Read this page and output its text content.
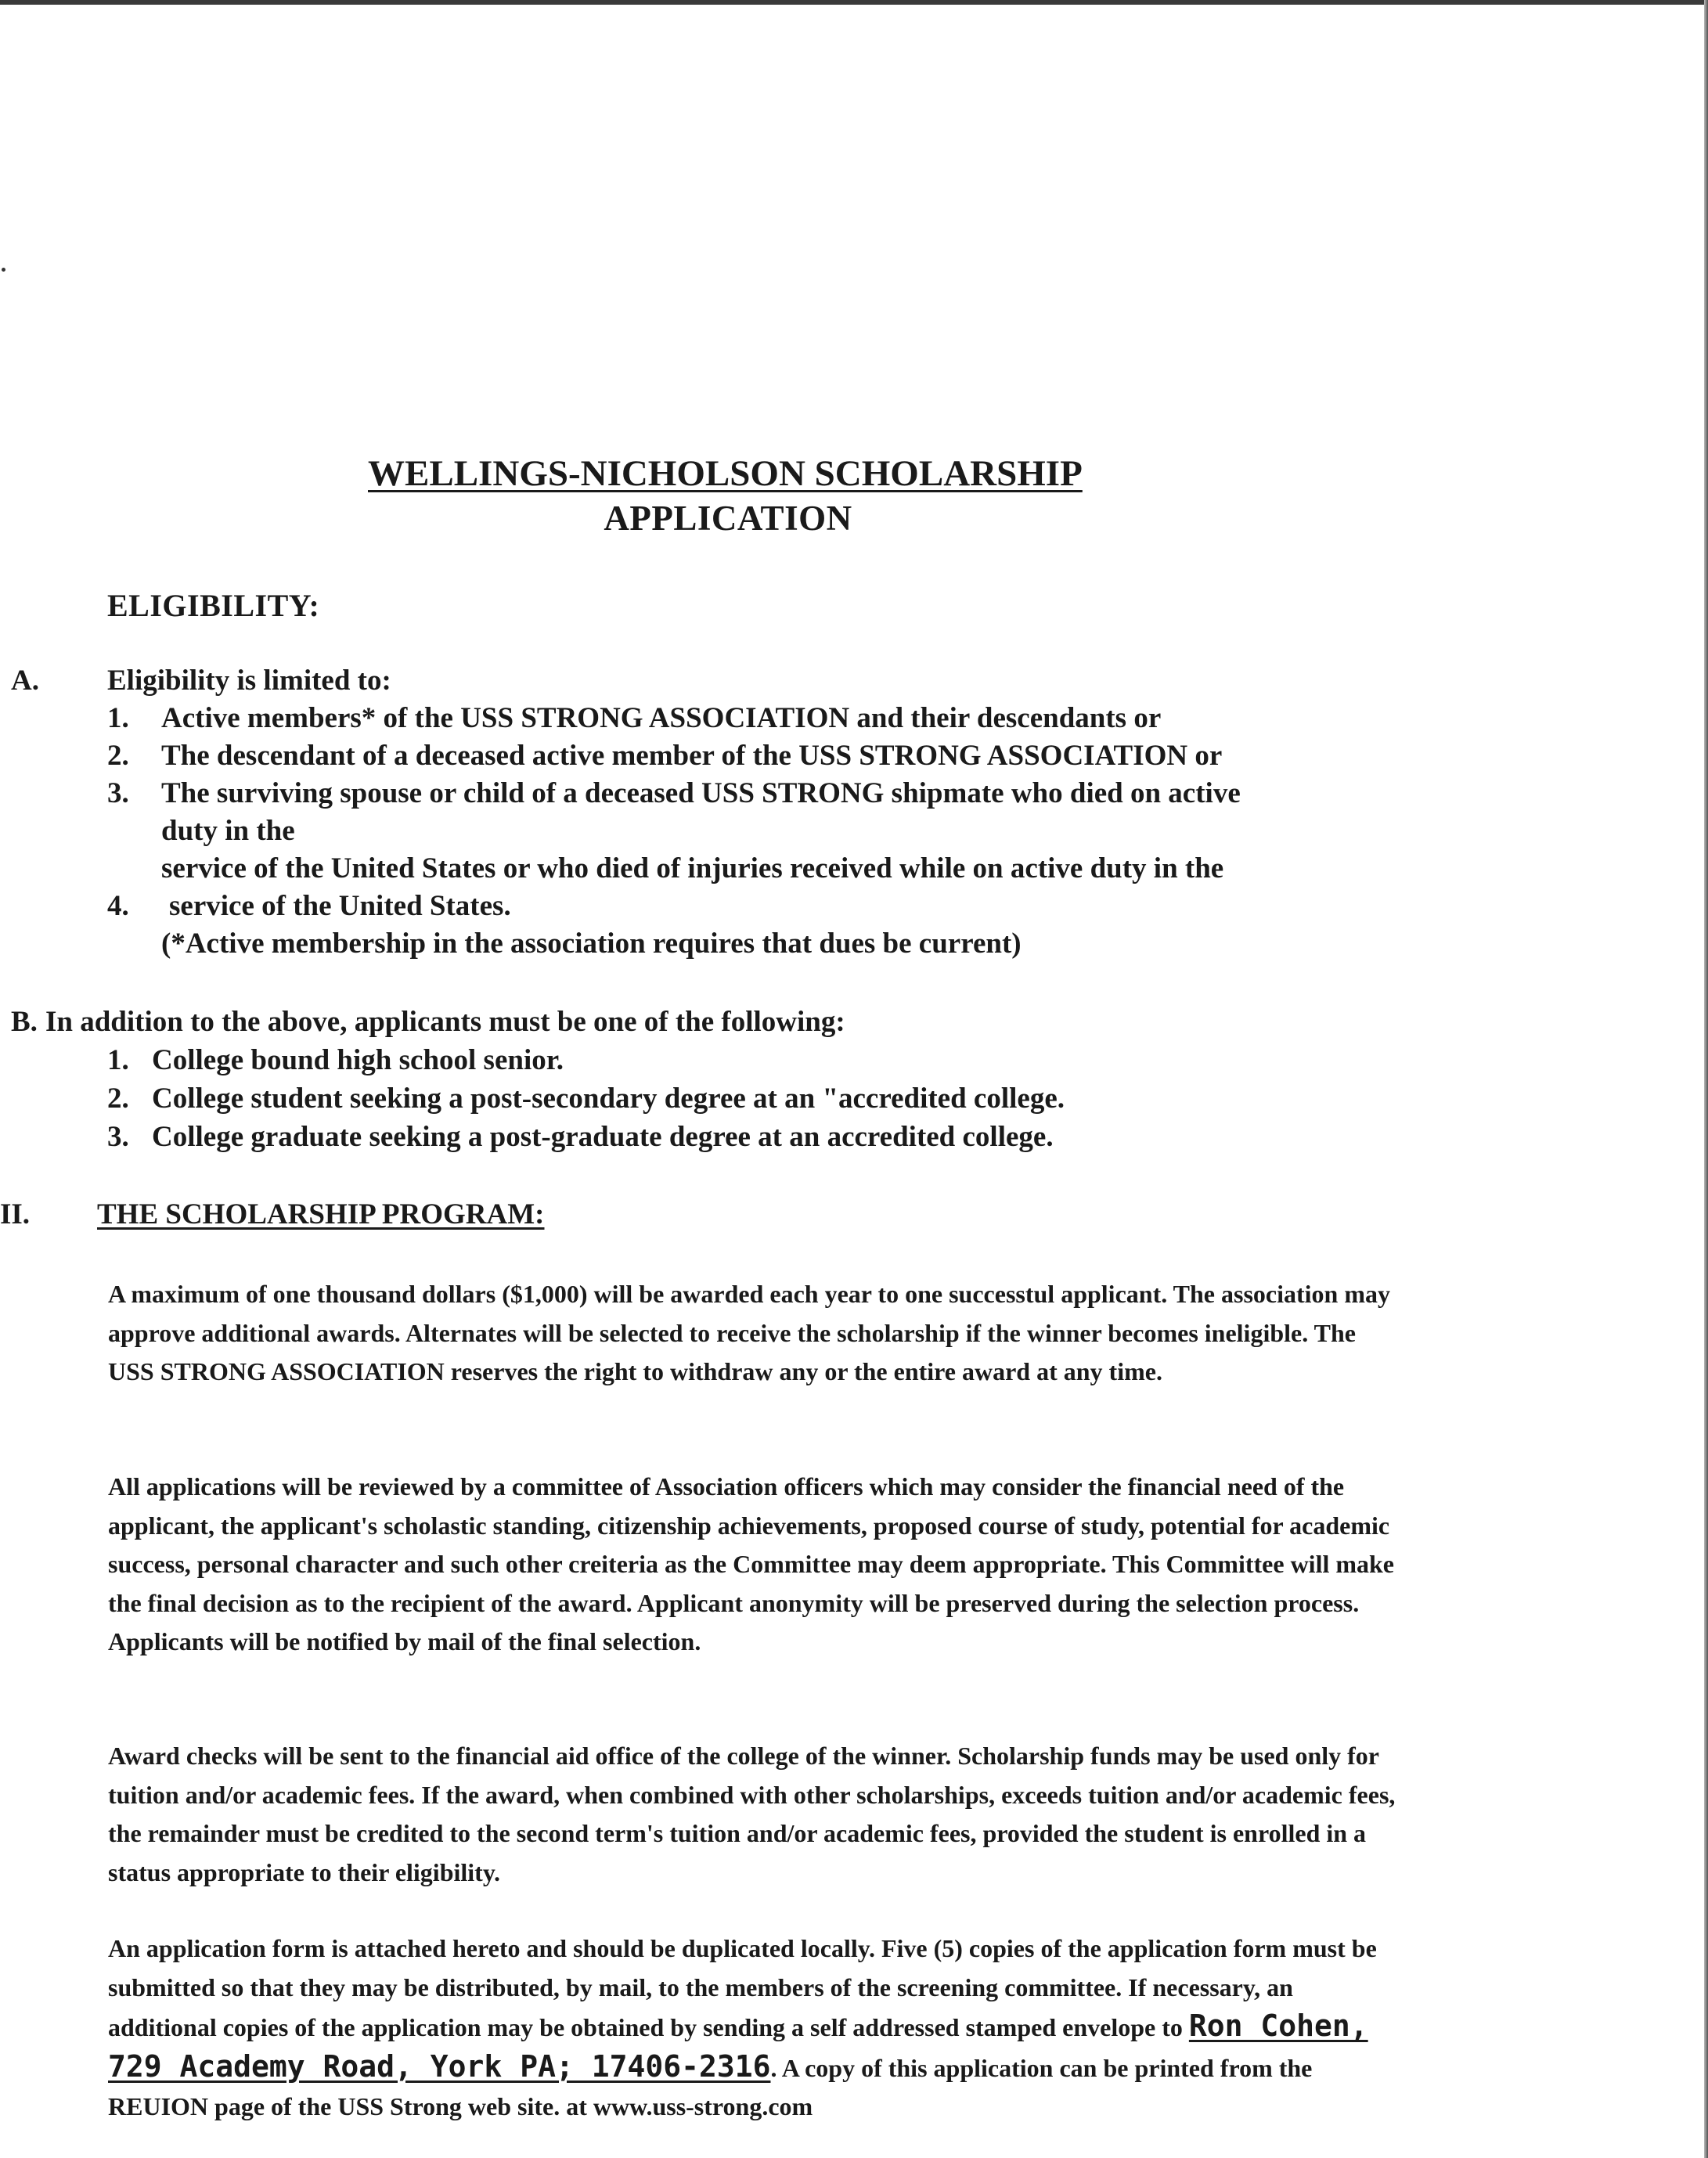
WELLINGS-NICHOLSON SCHOLARSHIP
APPLICATION
ELIGIBILITY:
A. Eligibility is limited to:
1. Active members* of the USS STRONG ASSOCIATION and their descendants or
2. The descendant of a deceased active member of the USS STRONG ASSOCIATION or
3. The surviving spouse or child of a deceased USS STRONG shipmate who died on active
duty in the
service of the United States or who died of injuries received while on active duty in the
4. service of the United States.
(*Active membership in the association requires that dues be current)
B. In addition to the above, applicants must be one of the following:
1. College bound high school senior.
2. College student seeking a post-secondary degree at an "accredited college.
3. College graduate seeking a post-graduate degree at an accredited college.
II. THE SCHOLARSHIP PROGRAM:
A maximum of one thousand dollars ($1,000) will be awarded each year to one successtul applicant. The association may approve additional awards. Alternates will be selected to receive the scholarship if the winner becomes ineligible. The USS STRONG ASSOCIATION reserves the right to withdraw any or the entire award at any time.
All applications will be reviewed by a committee of Association officers which may consider the financial need of the applicant, the applicant's scholastic standing, citizenship achievements, proposed course of study, potential for academic success, personal character and such other creiteria as the Committee may deem appropriate. This Committee will make the final decision as to the recipient of the award. Applicant anonymity will be preserved during the selection process. Applicants will be notified by mail of the final selection.
Award checks will be sent to the financial aid office of the college of the winner. Scholarship funds may be used only for tuition and/or academic fees. If the award, when combined with other scholarships, exceeds tuition and/or academic fees, the remainder must be credited to the second term's tuition and/or academic fees, provided the student is enrolled in a status appropriate to their eligibility.
An application form is attached hereto and should be duplicated locally. Five (5) copies of the application form must be submitted so that they may be distributed, by mail, to the members of the screening committee. If necessary, an additional copies of the application may be obtained by sending a self addressed stamped envelope to Ron Cohen, 729 Academy Road, York PA; 17406-2316. A copy of this application can be printed from the REUION page of the USS Strong web site. at www.uss-strong.com
